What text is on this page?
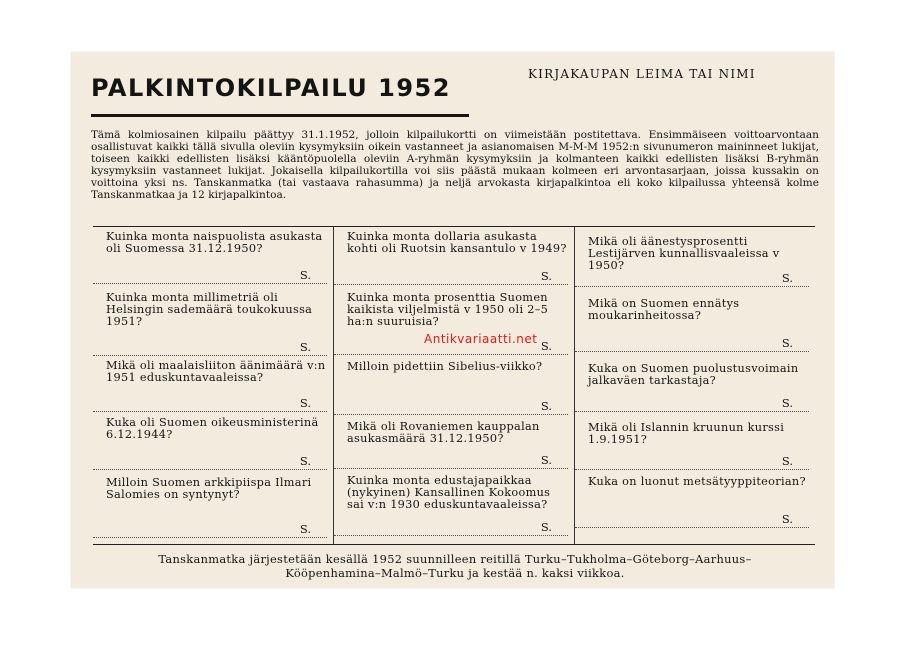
PALKINTOKILPAILU 1952	KIRJAKAUPAN LEIMA TAI NIMI

Tämä kolmiosainen kilpailu päättyy 31.1.1952, jolloin kilpailukortti on viimeistään postitettava. Ensimmäiseen voittoarvontaan osallistuvat kaikki tällä sivulla oleviin kysymyksiin oikein vastanneet ja asianomaisen M-M-M 1952:n sivunumeron maininneet lukijat, toiseen kaikki edellisten lisäksi kääntöpuolella oleviin A-ryhmän kysymyksiin ja kolmanteen kaikki edellisten lisäksi B-ryhmän kysymyksiin vastanneet lukijat. Jokaisella kilpailukortilla voi siis päästä mukaan kolmeen eri arvontasarjaan, joissa kussakin on voittoina yksi ns. Tanskanmatka (tai vastaava rahasumma) ja neljä arvokasta kirjapalkintoa eli koko kilpailussa yhteensä kolme Tanskanmatkaa ja 12 kirjapalkintoa.

Kuinka monta naispuolista asukasta oli Suomessa 31.12.1950?
S.
Kuinka monta millimetriä oli Helsingin sademäärä toukokuussa 1951?
S.
Mikä oli maalaisliiton äänimäärä v:n 1951 eduskuntavaaleissa?
S.
Kuka oli Suomen oikeusministerinä 6.12.1944?
S.
Milloin Suomen arkkipiispa Ilmari Salomies on syntynyt?
S.
Kuinka monta dollaria asukasta kohti oli Ruotsin kansantulo v 1949?
S.
Kuinka monta prosenttia Suomen kaikista viljelmistä v 1950 oli 2–5 ha:n suuruisia?
S.
Milloin pidettiin Sibelius-viikko?
S.
Mikä oli Rovaniemen kauppalan asukasmäärä 31.12.1950?
S.
Kuinka monta edustajapaikkaa (nykyinen) Kansallinen Kokoomus sai v:n 1930 eduskuntavaaleissa?
S.
Mikä oli äänestysprosentti Lestijärven kunnallisvaaleissa v 1950?
S.
Mikä on Suomen ennätys moukarinheitossa?
S.
Kuka on Suomen puolustusvoimain jalkaväen tarkastaja?
S.
Mikä oli Islannin kruunun kurssi 1.9.1951?
S.
Kuka on luonut metsätyyppiteorian?
S.
Antikvariaatti.net
Tanskanmatka järjestetään kesällä 1952 suunnilleen reitillä Turku–Tukholma–Göteborg–Aarhuus–
Kööpenhamina–Malmö–Turku ja kestää n. kaksi viikkoa.
